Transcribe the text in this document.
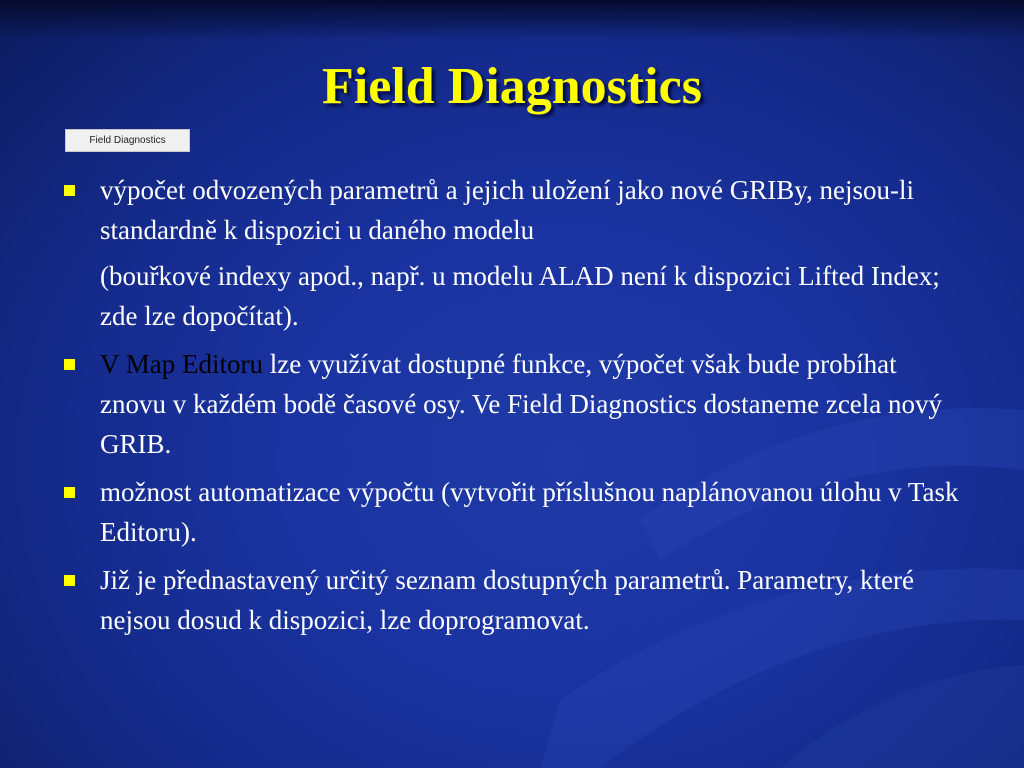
Field Diagnostics
Field Diagnostics
výpočet odvozených parametrů a jejich uložení jako nové GRIBy, nejsou-li standardně k dispozici u daného modelu
(bouřkové indexy apod., např. u modelu ALAD není k dispozici Lifted Index; zde lze dopočítat).
V Map Editoru lze využívat dostupné funkce, výpočet však bude probíhat znovu v každém bodě časové osy. Ve Field Diagnostics dostaneme zcela nový GRIB.
možnost automatizace výpočtu (vytvořit příslušnou naplánovanou úlohu v Task Editoru).
Již je přednastavený určitý seznam dostupných parametrů. Parametry, které nejsou dosud k dispozici, lze doprogramovat.
